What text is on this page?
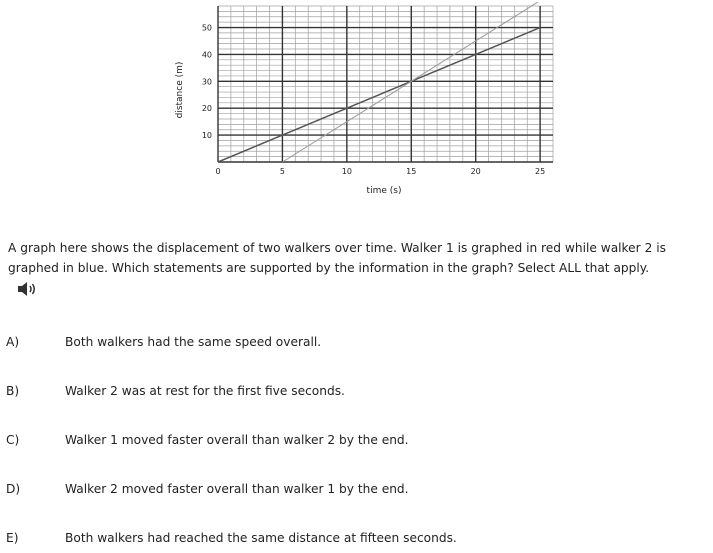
0	5	10	15	20	25
10
20
30
40
50
distance (m)
time (s)

A graph here shows the displacement of two walkers over time. Walker 1 is graphed in red while walker 2 is graphed in blue. Which statements are supported by the information in the graph? Select ALL that apply.

A)	Both walkers had the same speed overall.
B)	Walker 2 was at rest for the first five seconds.
C)	Walker 1 moved faster overall than walker 2 by the end.
D)	Walker 2 moved faster overall than walker 1 by the end.
E)	Both walkers had reached the same distance at fifteen seconds.
